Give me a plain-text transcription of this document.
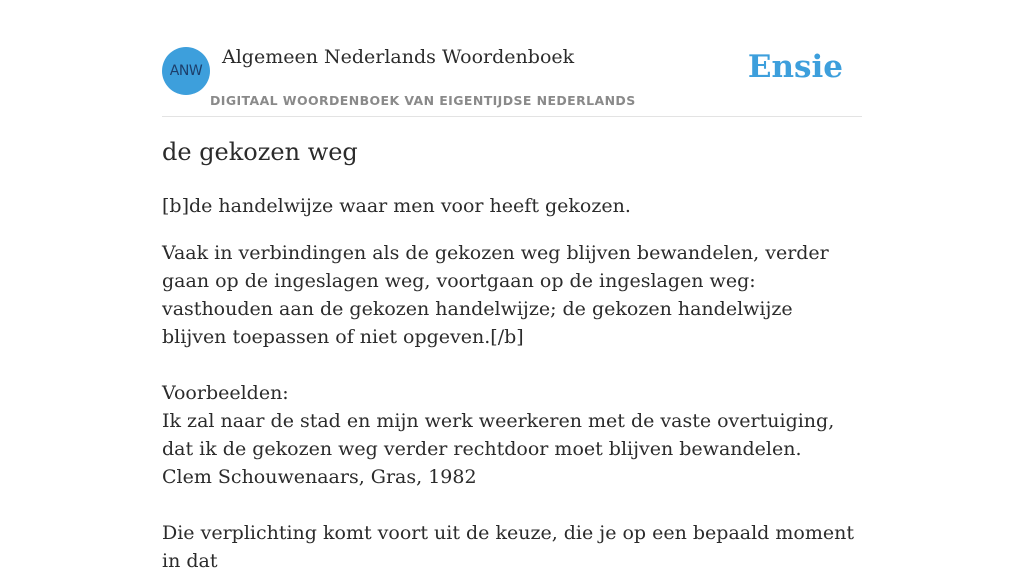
ANW
Algemeen Nederlands Woordenboek
DIGITAAL WOORDENBOEK VAN EIGENTIJDSE NEDERLANDS
Ensie
de gekozen weg
[b]de handelwijze waar men voor heeft gekozen.

Vaak in verbindingen als de gekozen weg blijven bewandelen, verder gaan op de ingeslagen weg, voortgaan op de ingeslagen weg: vasthouden aan de gekozen handelwijze; de gekozen handelwijze blijven toepassen of niet opgeven.[/b]

Voorbeelden:

Ik zal naar de stad en mijn werk weerkeren met de vaste overtuiging, dat ik de gekozen weg verder rechtdoor moet blijven bewandelen.

Clem Schouwenaars, Gras, 1982

Die verplichting komt voort uit de keuze, die je op een bepaald moment in dat
